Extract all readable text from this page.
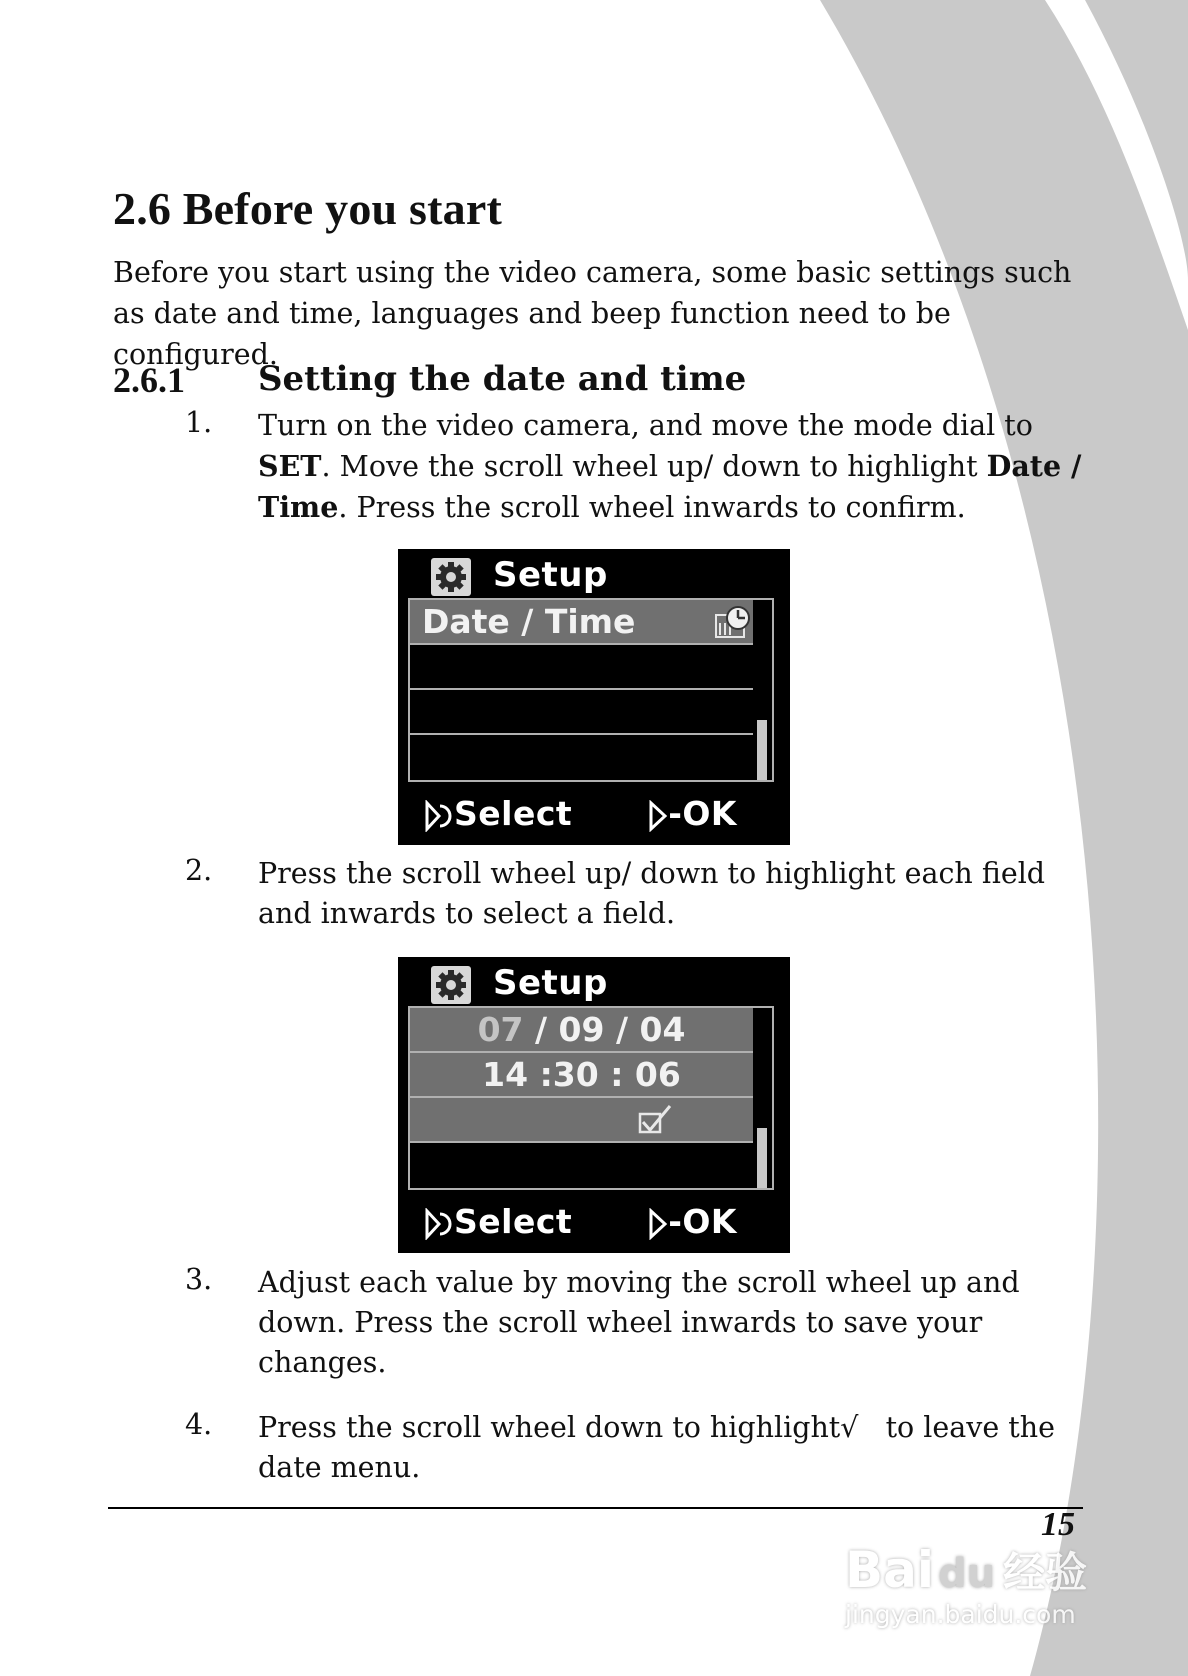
2.6 Before you start

Before you start using the video camera, some basic settings such as date and time, languages and beep function need to be configured.

2.6.1 Setting the date and time
1. Turn on the video camera, and move the mode dial to SET. Move the scroll wheel up/ down to highlight Date / Time. Press the scroll wheel inwards to confirm.

Setup
Date / Time
Select	-OK
2. Press the scroll wheel up/ down to highlight each field and inwards to select a field.

Setup
07 / 09 / 04
14 :30 : 06
Select	-OK
3. Adjust each value by moving the scroll wheel up and down. Press the scroll wheel inwards to save your changes.

4. Press the scroll wheel down to highlight√   to leave the date menu.

15
Bai du 经验
jingyan.baidu.com
